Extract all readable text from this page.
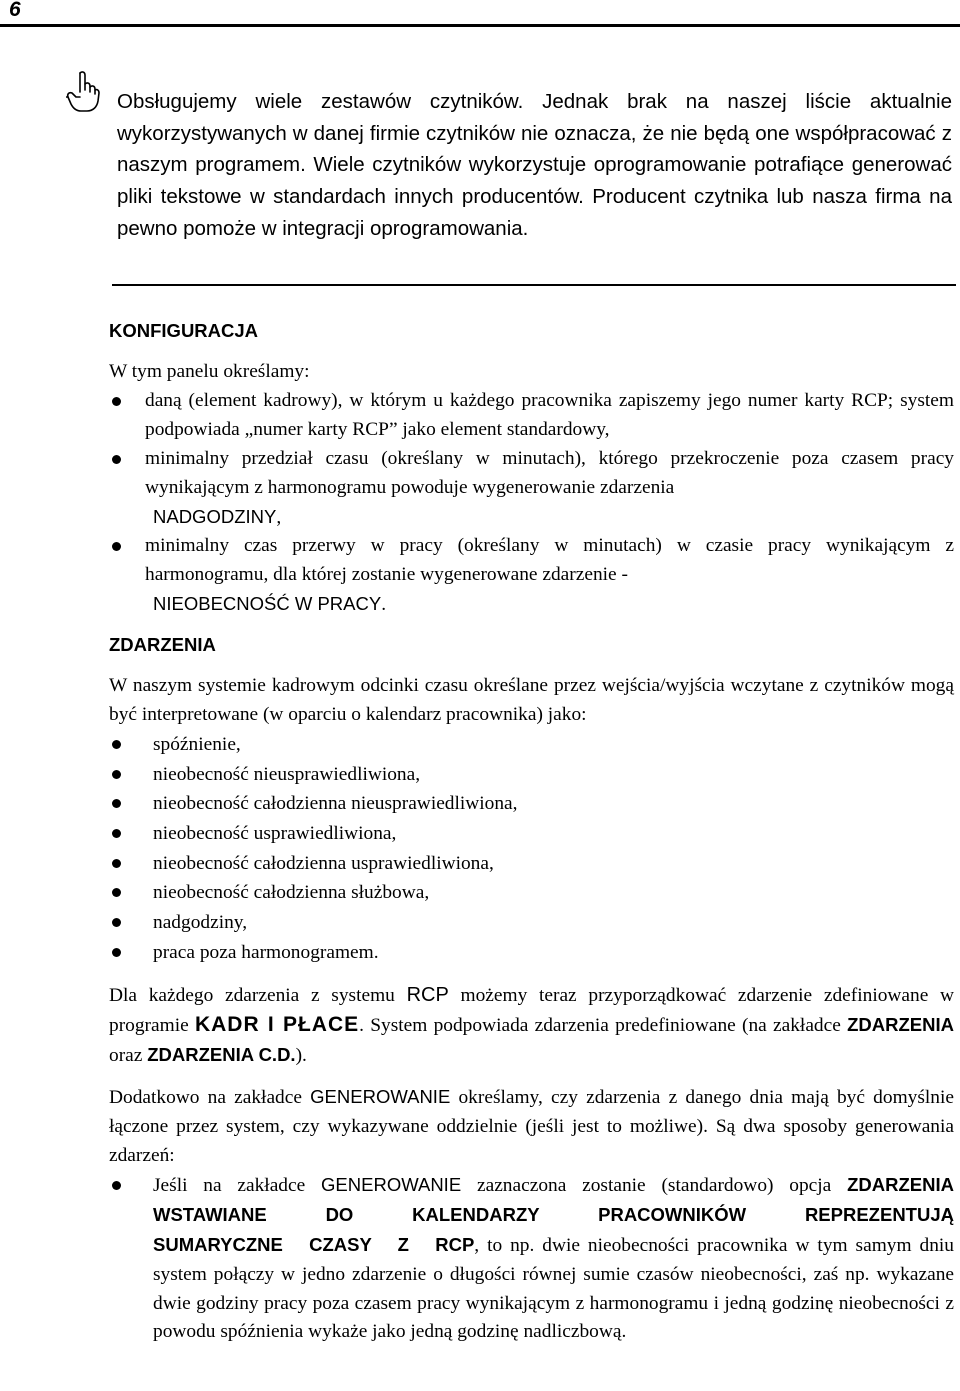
6

Obsługujemy wiele zestawów czytników. Jednak brak na naszej liście aktualnie wykorzystywanych w danej firmie czytników nie oznacza, że nie będą one współpracować z naszym programem. Wiele czytników wykorzystuje oprogramowanie potrafiące generować pliki tekstowe w standardach innych producentów. Producent czytnika lub nasza firma na pewno pomoże w integracji oprogramowania.

KONFIGURACJA

W tym panelu określamy:

daną (element kadrowy), w którym u każdego pracownika zapiszemy jego numer karty RCP; system podpowiada „numer karty RCP” jako element standardowy,
minimalny przedział czasu (określany w minutach), którego przekroczenie poza czasem pracy wynikającym z harmonogramu powoduje wygenerowanie zdarzenia
NADGODZINY,
minimalny czas przerwy w pracy (określany w minutach) w czasie pracy wynikającym z harmonogramu, dla której zostanie wygenerowane zdarzenie -
NIEOBECNOŚĆ W PRACY.
ZDARZENIA

W naszym systemie kadrowym odcinki czasu określane przez wejścia/wyjścia wczytane z czytników mogą być interpretowane (w oparciu o kalendarz pracownika) jako:

spóźnienie,
nieobecność nieusprawiedliwiona,
nieobecność całodzienna nieusprawiedliwiona,
nieobecność usprawiedliwiona,
nieobecność całodzienna usprawiedliwiona,
nieobecność całodzienna służbowa,
nadgodziny,
praca poza harmonogramem.

Dla każdego zdarzenia z systemu RCP możemy teraz przyporządkować zdarzenie zdefiniowane w programie KADR I PŁACE. System podpowiada zdarzenia predefiniowane (na zakładce ZDARZENIA oraz ZDARZENIA C.D.).

Dodatkowo na zakładce GENEROWANIE określamy, czy zdarzenia z danego dnia mają być domyślnie łączone przez system, czy wykazywane oddzielnie (jeśli jest to możliwe). Są dwa sposoby generowania zdarzeń:

Jeśli na zakładce GENEROWANIE zaznaczona zostanie (standardowo) opcja ZDARZENIA WSTAWIANE DO KALENDARZY PRACOWNIKÓW REPREZENTUJĄ SUMARYCZNE CZASY Z RCP, to np. dwie nieobecności pracownika w tym samym dniu system połączy w jedno zdarzenie o długości równej sumie czasów nieobecności, zaś np. wykazane dwie godziny pracy poza czasem pracy wynikającym z harmonogramu i jedną godzinę nieobecności z powodu spóźnienia wykaże jako jedną godzinę nadliczbową.
